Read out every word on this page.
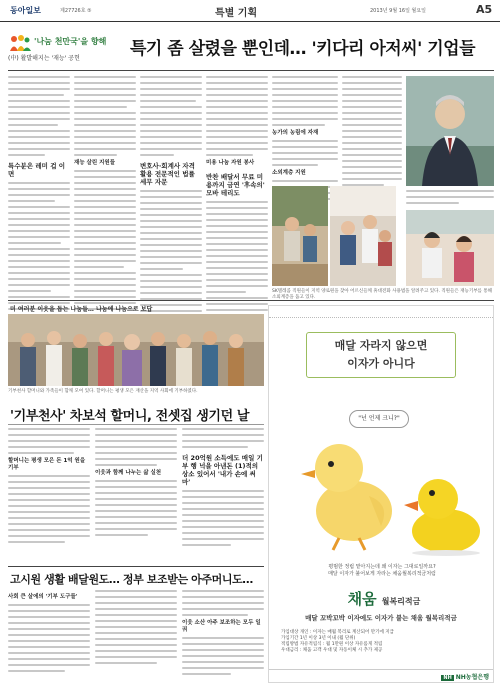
동아일보	제27726호 ⑤	특별 기획	2013년 9월 16일 월요일	A5
'나눔 천만국'을 향해
(中) 활발해지는 '재능' 공헌	특기 좀 살렸을 뿐인데… '키다리 아저씨' 기업들
특수분은 레미 겁 이면
재능 살린 지원들	변호사·회계사 자격 활용 전문적인 법률 세무 자문
미용 나눔 자원 봉사
반찬 배달서 무료 미용까지 금연 '후속의' 모바 테리도
농가의 농림에 자재
소외계층 지원
SK텔레콤 직원들이 지역 양로원을 찾아 어르신들께 휴대전화 사용법을 알려주고 있다. 직원들은 재능기부를 통해 소외계층을 돕고 있다.
미 여러분 이웃을 돕는 나눔들… 나눔에 나눔으로 보답
기부천사 할머니와 가족들이 함께 모여 있다. 할머니는 평생 모은 재산을 지역 사회에 기부하였다.
'기부천사' 차보석 할머니, 전셋집 생기던 날
할머니는 평생 모은 돈 1억 원을 기부
이웃과 함께 나누는 삶 실천
더 20억원 소득에도 매일 기부 행 넉을 아낸돈 (1)적의 상소 있어서 '내가 손에 써 마'
고시원 생활 배달원도… 정부 보조받는 아주머니도…
사회 큰 살에의 '기부 도구들'
이웃 소산 아주 보조하는 모두 일궈
매달 자라지 않으면
이자가 아니다
"넌 언제 크니?"
평범한 정립 맡아지는데 왜 이자는 그대로일까요?
매달 이자가 불어보게 자라는 채움월복리적금처럼
채움 월복리적금
매달 꼬박꼬박 이자에도 이자가 붙는 채움 월복리적금
가입대상 개인 : 이자는 매월 복리로 계산되어 만기에 지급
가입기간 1년 이상 3년 이내 (월 단위)
적립방법 자유적립식 : 월 1만원 이상 자유롭게 적립
우대금리 : 채움 고객 우대 및 자동이체 시 추가 제공
NH NH농협은행
